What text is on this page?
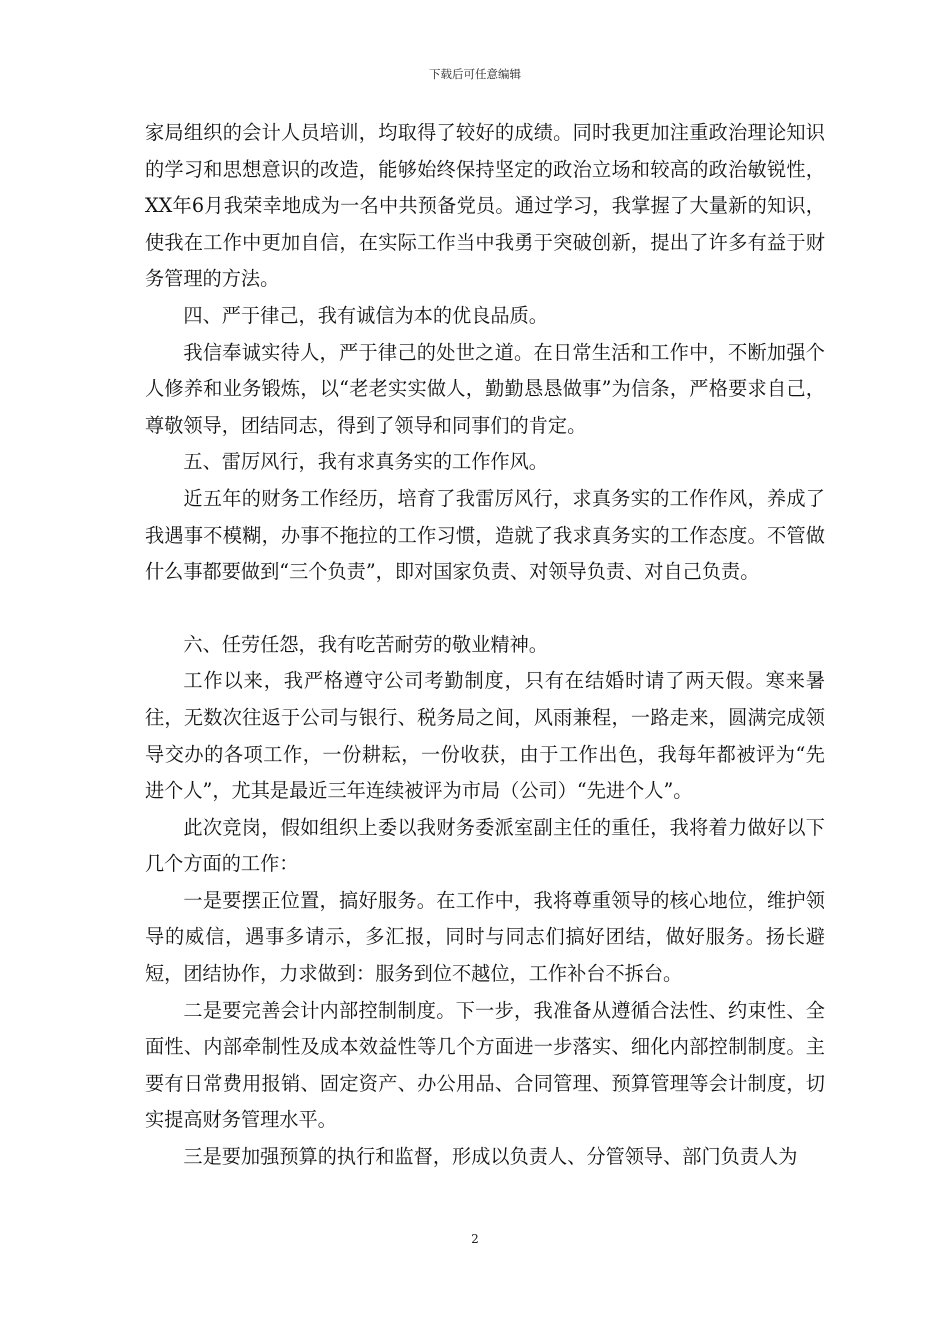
下载后可任意编辑

家局组织的会计人员培训，均取得了较好的成绩。同时我更加注重政治理论知识的学习和思想意识的改造，能够始终保持坚定的政治立场和较高的政治敏锐性，XX年6月我荣幸地成为一名中共预备党员。通过学习，我掌握了大量新的知识，使我在工作中更加自信，在实际工作当中我勇于突破创新，提出了许多有益于财务管理的方法。

四、严于律己，我有诚信为本的优良品质。

我信奉诚实待人，严于律己的处世之道。在日常生活和工作中，不断加强个人修养和业务锻炼，以“老老实实做人，勤勤恳恳做事”为信条，严格要求自己，尊敬领导，团结同志，得到了领导和同事们的肯定。

五、雷厉风行，我有求真务实的工作作风。

近五年的财务工作经历，培育了我雷厉风行，求真务实的工作作风，养成了我遇事不模糊，办事不拖拉的工作习惯，造就了我求真务实的工作态度。不管做什么事都要做到“三个负责”，即对国家负责、对领导负责、对自己负责。

六、任劳任怨，我有吃苦耐劳的敬业精神。

工作以来，我严格遵守公司考勤制度，只有在结婚时请了两天假。寒来暑往，无数次往返于公司与银行、税务局之间，风雨兼程，一路走来，圆满完成领导交办的各项工作，一份耕耘，一份收获，由于工作出色，我每年都被评为“先进个人”，尤其是最近三年连续被评为市局（公司）“先进个人”。

此次竞岗，假如组织上委以我财务委派室副主任的重任，我将着力做好以下几个方面的工作：

一是要摆正位置，搞好服务。在工作中，我将尊重领导的核心地位，维护领导的威信，遇事多请示，多汇报，同时与同志们搞好团结，做好服务。扬长避短，团结协作，力求做到：服务到位不越位，工作补台不拆台。

二是要完善会计内部控制制度。下一步，我准备从遵循合法性、约束性、全面性、内部牵制性及成本效益性等几个方面进一步落实、细化内部控制制度。主要有日常费用报销、固定资产、办公用品、合同管理、预算管理等会计制度，切实提高财务管理水平。

三是要加强预算的执行和监督，形成以负责人、分管领导、部门负责人为

2
